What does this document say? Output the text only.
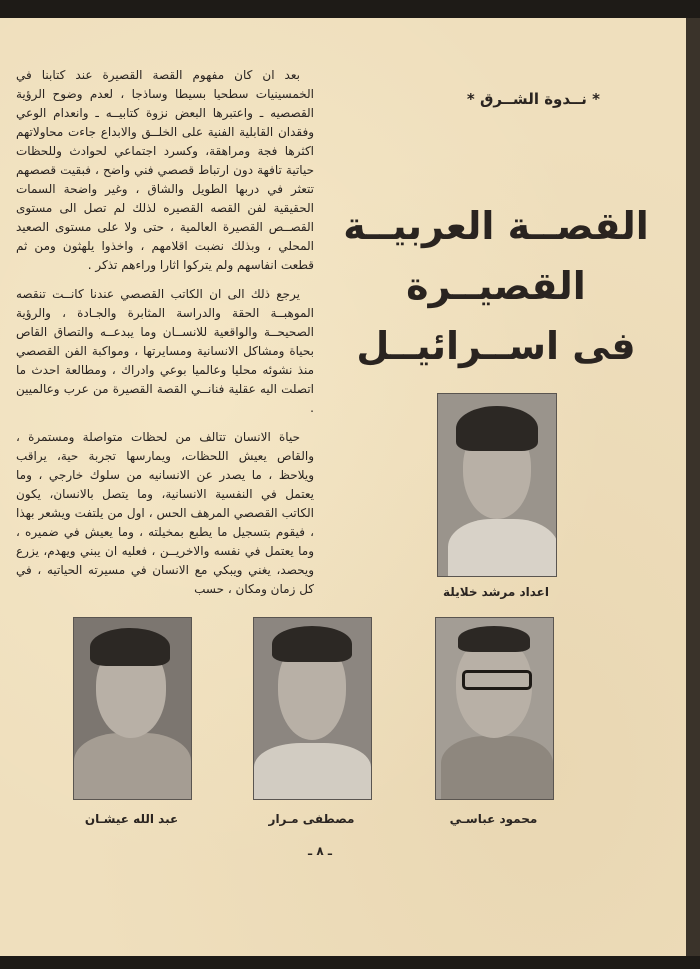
بعد ان كان مفهوم القصة القصيرة عند كتابنا في الخمسينيات سطحيا بسيطا وساذجا ، لعدم وضوح الرؤية القصصيه ـ واعتبرها البعض نزوة كتابيــه ـ وانعدام الوعي وفقدان القابلية الفنية على الخلــق والابداع جاءت محاولاتهم اكثرها فجة ومراهقة، وكسرد اجتماعي لحوادث وللحظات حياتية تافهة دون ارتباط قصصي فني واضح ، فبقيت قصصهم تتعثر في دربها الطويل والشاق ، وغير واضحة السمات الحقيقية لفن القصه القصيره لذلك لم تصل الى مستوى القصــص القصيرة العالمية ، حتى ولا على مستوى الصعيد المحلي ، وبذلك نضبت اقلامهم ، واخذوا يلهثون ومن ثم قطعت انفاسهم ولم يتركوا اثارا وراءهم تذكر .

يرجع ذلك الى ان الكاتب القصصي عندنا كانــت تنقصه الموهبــة الحقة والدراسة المثابرة والجـادة ، والرؤية الصحيحــة والواقعية للانســان وما يبدعــه والتصاق القاص بحياة ومشاكل الانسانية ومسايرتها ، ومواكبة الفن القصصي منذ نشوئه محليا وعالميا بوعي وادراك ، ومطالعة احدث ما اتصلت اليه عقلية فنانــي القصة القصيرة من عرب وعالميين .

حياة الانسان تتالف من لحظات متواصلة ومستمرة ، والقاص يعيش اللحظات، ويمارسها تجربة حية، يراقب ويلاحظ ، ما يصدر عن الانسانيه من سلوك خارجي ، وما يعتمل في النفسية الانسانية، وما يتصل بالانسان، يكون الكاتب القصصي المرهف الحس ، اول من يلتفت ويشعر بهذا ، فيقوم بتسجيل ما يطبع بمخيلته ، وما يعيش في ضميره ، وما يعتمل في نفسه والاخريــن ، فعليه ان يبني ويهدم، يزرع ويحصد، يغني ويبكي مع الانسان في مسيرته الحياتيه ، في كل زمان ومكان ، حسب

* نــدوة الشــرق *
القصــة العربيــة
القصيــرة
فى اســرائيــل
اعداد مرشد خلايلة
عبد الله عيشـان	مصطفى مـرار	محمود عباسـي
ـ ٨ ـ
